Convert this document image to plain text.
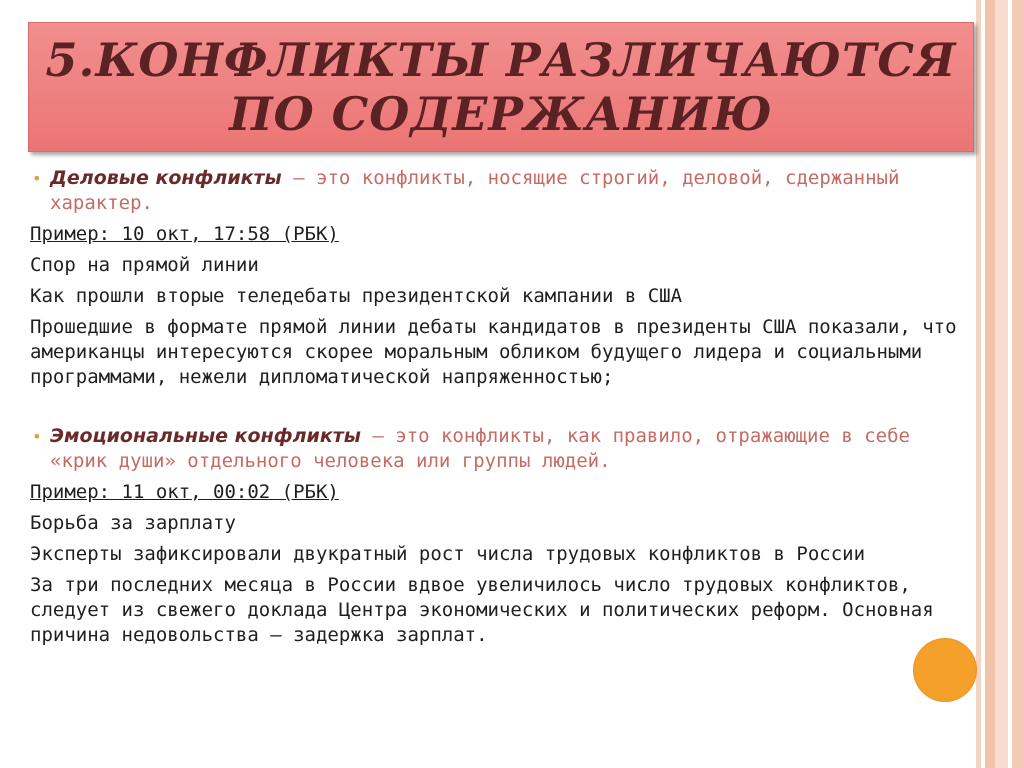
5.КОНФЛИКТЫ РАЗЛИЧАЮТСЯ
ПО СОДЕРЖАНИЮ
• Деловые конфликты – это конфликты, носящие строгий, деловой, сдержанный характер.
Пример: 10 окт, 17:58 (РБК)
Спор на прямой линии
Как прошли вторые теледебаты президентской кампании в США
Прошедшие в формате прямой линии дебаты кандидатов в президенты США показали, что американцы интересуются скорее моральным обликом будущего лидера и социальными программами, нежели дипломатической напряженностью;
• Эмоциональные конфликты – это конфликты, как правило, отражающие в себе «крик души» отдельного человека или группы людей.
Пример: 11 окт, 00:02 (РБК)
Борьба за зарплату
Эксперты зафиксировали двукратный рост числа трудовых конфликтов в России
За три последних месяца в России вдвое увеличилось число трудовых конфликтов, следует из свежего доклада Центра экономических и политических реформ. Основная причина недовольства — задержка зарплат.
